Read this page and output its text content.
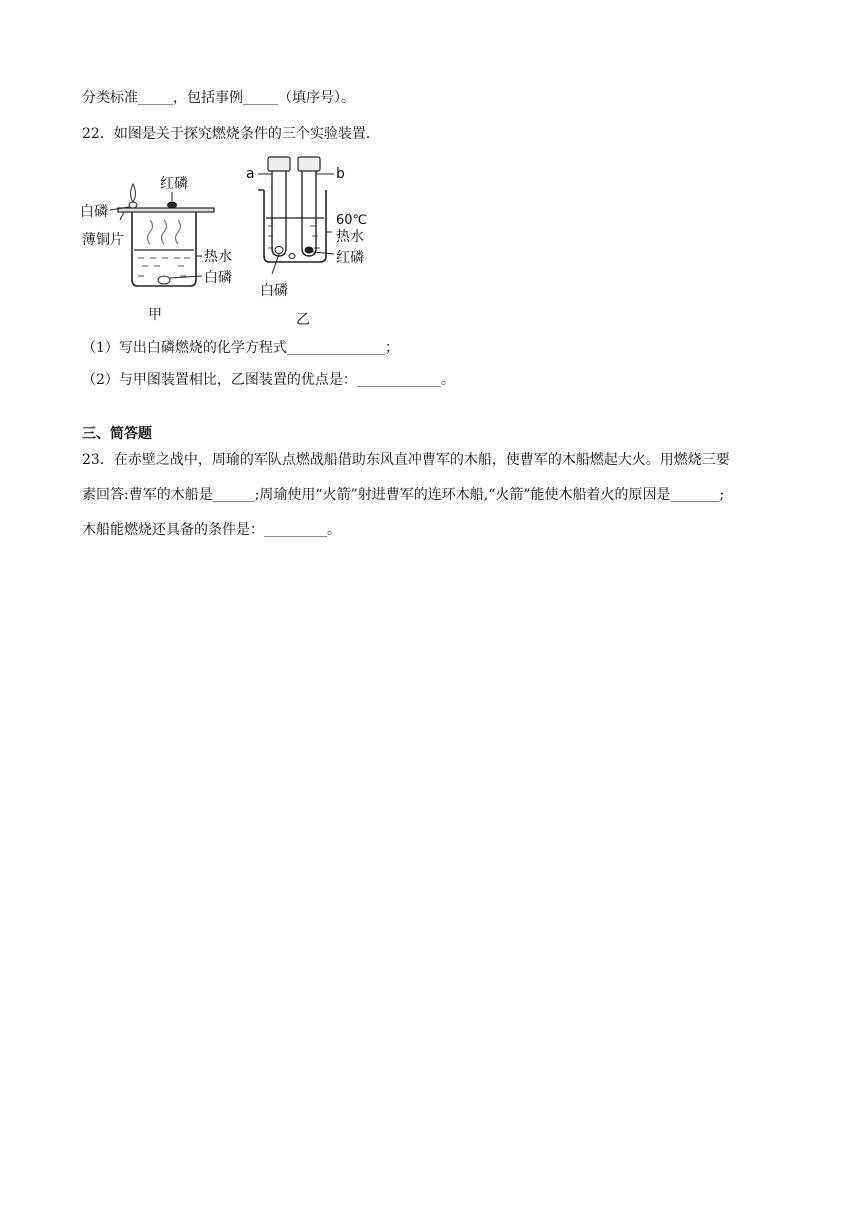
分类标准_____，包括事例_____（填序号）。
22．如图是关于探究燃烧条件的三个实验装置．
红磷
白磷
薄铜片
热水
白磷
甲
a	b
60℃
热水
红磷
白磷
乙
（1）写出白磷燃烧的化学方程式______________；
（2）与甲图装置相比，乙图装置的优点是：____________。
三、简答题
23．在赤壁之战中，周瑜的军队点燃战船借助东风直冲曹军的木船，使曹军的木船燃起大火。用燃烧三要
素回答:曹军的木船是______;周瑜使用“火箭”射进曹军的连环木船,“火箭”能使木船着火的原因是_______;
木船能燃烧还具备的条件是：_________。
